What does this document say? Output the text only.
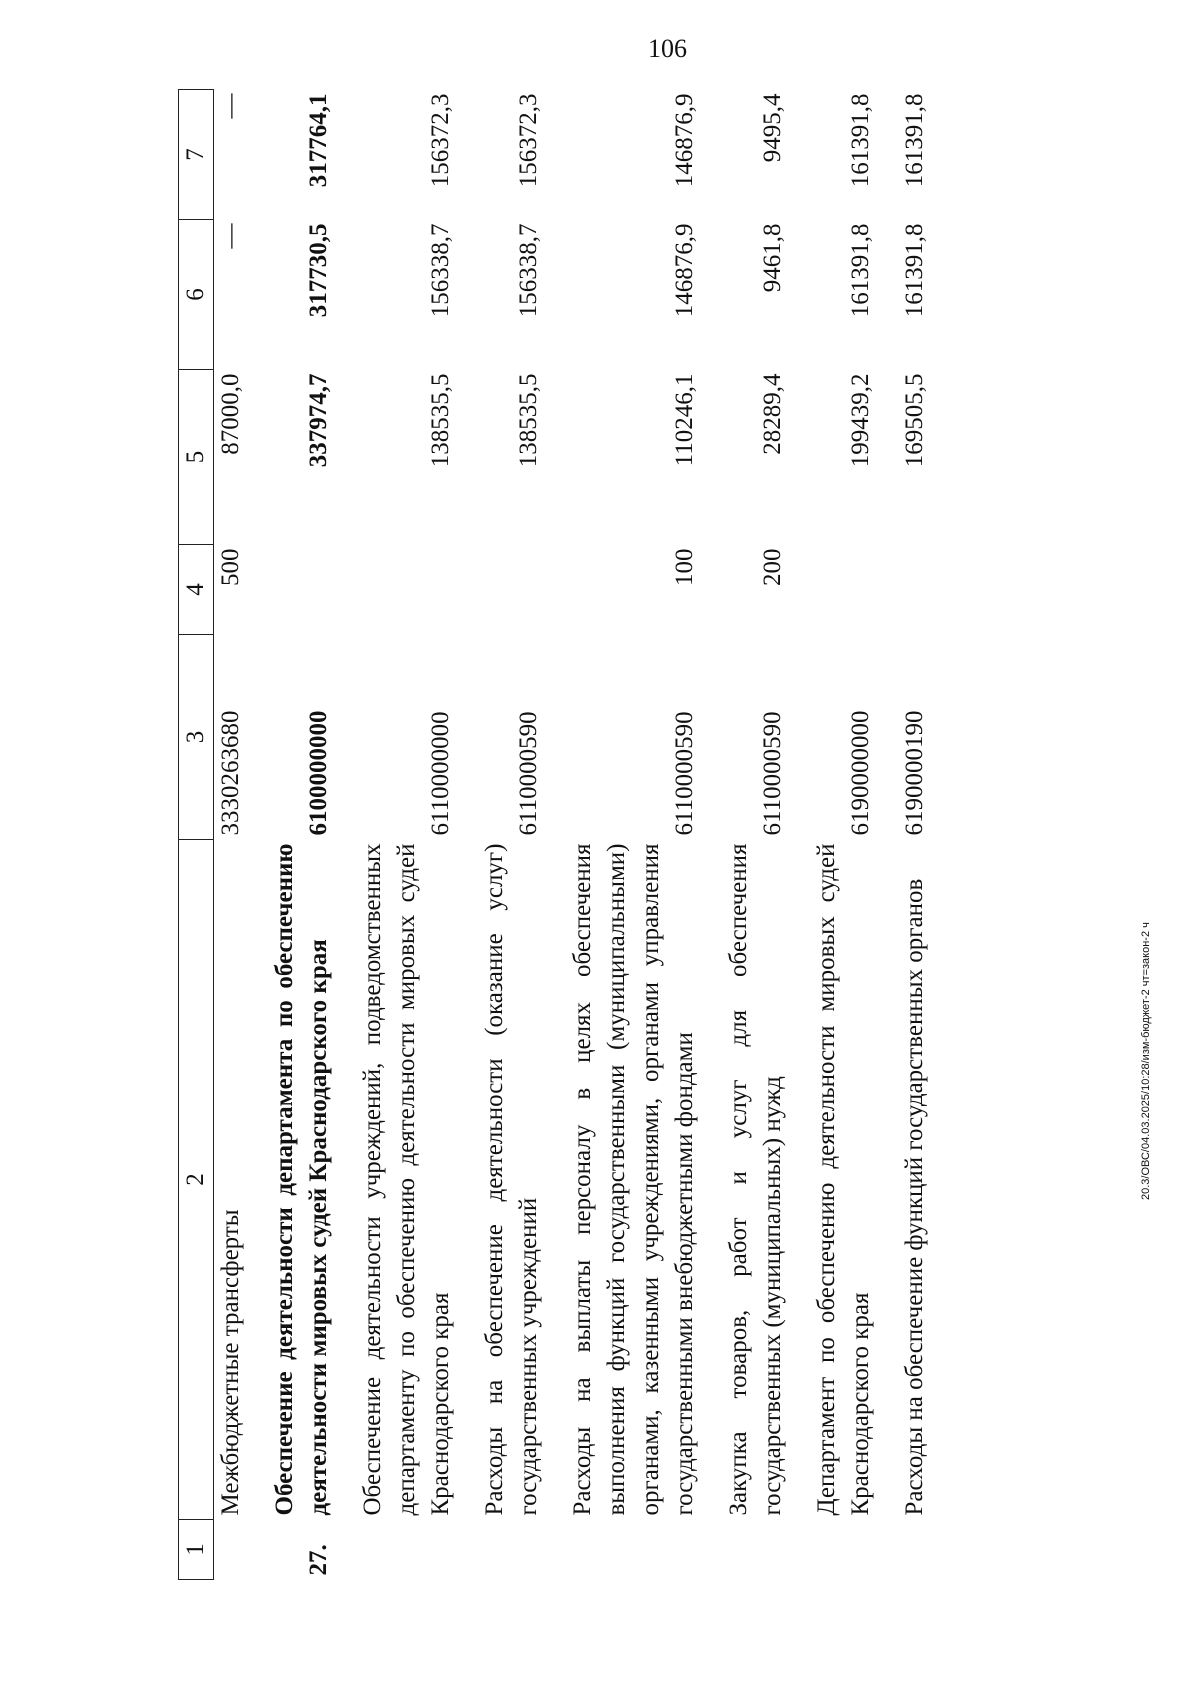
106
1	2	3	4	5	6	7
	Межбюджетные трансферты	3330263680	500	87000,0	—	—
27.	Обеспечение деятельности департамента по обеспечению деятельности мировых судей Краснодарского края	6100000000		337974,7	317730,5	317764,1
	Обеспечение деятельности учреждений, подведомственных департаменту по обеспечению деятельности мировых судей Краснодарского края	6110000000		138535,5	156338,7	156372,3
	Расходы на обеспечение деятельности (оказание услуг) государственных учреждений	6110000590		138535,5	156338,7	156372,3
	Расходы на выплаты персоналу в целях обеспечения выполнения функций государственными (муниципальными) органами, казенными учреждениями, органами управления государственными внебюджетными фондами	6110000590	100	110246,1	146876,9	146876,9
	Закупка товаров, работ и услуг для обеспечения государственных (муниципальных) нужд	6110000590	200	28289,4	9461,8	9495,4
	Департамент по обеспечению деятельности мировых судей Краснодарского края	6190000000		199439,2	161391,8	161391,8
	Расходы на обеспечение функций государственных органов	6190000190		169505,5	161391,8	161391,8
20.3/ОВС/04.03.2025/10:28/изм-бюджет-2 чт=закон-2 ч
